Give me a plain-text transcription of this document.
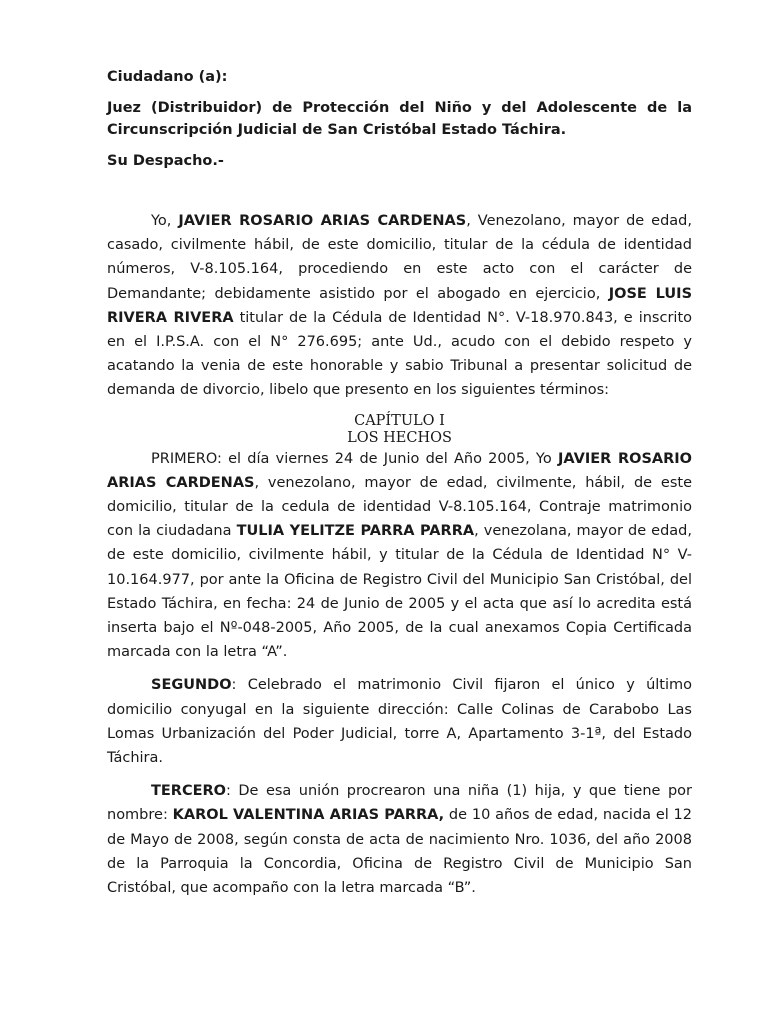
Ciudadano (a):

Juez (Distribuidor) de Protección del Niño y del Adolescente de la Circunscripción Judicial de San Cristóbal Estado Táchira.

Su Despacho.-

Yo, JAVIER ROSARIO ARIAS CARDENAS, Venezolano, mayor de edad, casado, civilmente hábil, de este domicilio, titular de la cédula de identidad números, V-8.105.164, procediendo en este acto con el carácter de Demandante; debidamente asistido por el abogado en ejercicio, JOSE LUIS RIVERA RIVERA titular de la Cédula de Identidad N°. V-18.970.843, e inscrito en el I.P.S.A. con el N° 276.695; ante Ud., acudo con el debido respeto y acatando la venia de este honorable y sabio Tribunal a presentar solicitud de demanda de divorcio, libelo que presento en los siguientes términos:

CAPÍTULO I
LOS HECHOS

PRIMERO: el día viernes 24 de Junio del Año 2005, Yo JAVIER ROSARIO ARIAS CARDENAS, venezolano, mayor de edad, civilmente, hábil, de este domicilio, titular de la cedula de identidad V-8.105.164, Contraje matrimonio con la ciudadana TULIA YELITZE PARRA PARRA, venezolana, mayor de edad, de este domicilio, civilmente hábil, y titular de la Cédula de Identidad N° V-10.164.977, por ante la Oficina de Registro Civil del Municipio San Cristóbal, del Estado Táchira, en fecha: 24 de Junio de 2005 y el acta que así lo acredita está inserta bajo el Nº-048-2005, Año 2005, de la cual anexamos Copia Certificada marcada con la letra “A”.

SEGUNDO: Celebrado el matrimonio Civil fijaron el único y último domicilio conyugal en la siguiente dirección: Calle Colinas de Carabobo Las Lomas Urbanización del Poder Judicial, torre A, Apartamento 3-1ª, del Estado Táchira.

TERCERO: De esa unión procrearon una niña (1) hija, y que tiene por nombre: KAROL VALENTINA ARIAS PARRA, de 10 años de edad, nacida el 12 de Mayo de 2008, según consta de acta de nacimiento Nro. 1036, del año 2008 de la Parroquia la Concordia, Oficina de Registro Civil de Municipio San Cristóbal, que acompaño con la letra marcada “B”.
